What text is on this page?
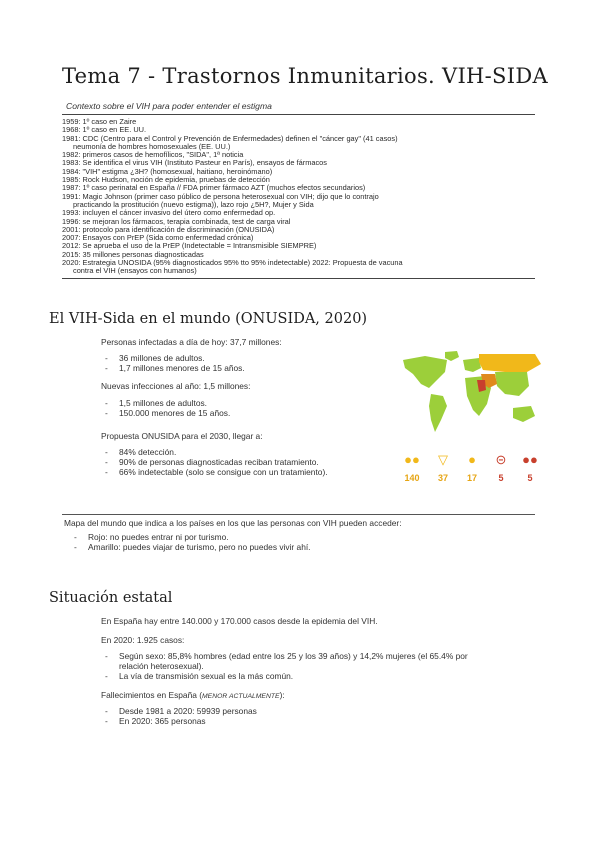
Tema 7 - Trastornos Inmunitarios. VIH-SIDA
Contexto sobre el VIH para poder entender el estigma
1959: 1º caso en Zaire
1968: 1º caso en EE. UU.
1981: CDC (Centro para el Control y Prevención de Enfermedades) definen el "cáncer gay" (41 casos)
neumonía de hombres homosexuales (EE. UU.)
1982: primeros casos de hemofílicos, "SIDA", 1ª noticia
1983: Se identifica el virus VIH (Instituto Pasteur en París), ensayos de fármacos
1984: "VIH" estigma ¿3H? (homosexual, haitiano, heroinómano)
1985: Rock Hudson, noción de epidemia, pruebas de detección
1987: 1º caso perinatal en España // FDA primer fármaco AZT (muchos efectos secundarios)
1991: Magic Johnson (primer caso público de persona heterosexual con VIH; dijo que lo contrajo
practicando la prostitución (nuevo estigma)), lazo rojo ¿5H?, Mujer y Sida
1993: incluyen el cáncer invasivo del útero como enfermedad op.
1996: se mejoran los fármacos, terapia combinada, test de carga viral
2001: protocolo para identificación de discriminación (ONUSIDA)
2007: Ensayos con PrEP (Sida como enfermedad crónica)
2012: Se aprueba el uso de la PrEP (Indetectable = Intransmisible SIEMPRE)
2015: 35 millones personas diagnosticadas
2020: Estrategia UNOSIDA (95% diagnosticados 95% tto 95% indetectable) 2022: Propuesta de vacuna
contra el VIH (ensayos con humanos)
El VIH-Sida en el mundo (ONUSIDA, 2020)
Personas infectadas a día de hoy: 37,7 millones:
- 36 millones de adultos.
- 1,7 millones menores de 15 años.
Nuevas infecciones al año: 1,5 millones:
- 1,5 millones de adultos.
- 150.000 menores de 15 años.
Propuesta ONUSIDA para el 2030, llegar a:
- 84% detección.
- 90% de personas diagnosticadas reciban tratamiento.
- 66% indetectable (solo se consigue con un tratamiento).
●●
140
▽
37
●
17
⊝
5
●●
5
Mapa del mundo que indica a los países en los que las personas con VIH pueden acceder:
- Rojo: no puedes entrar ni por turismo.
- Amarillo: puedes viajar de turismo, pero no puedes vivir ahí.
Situación estatal
En España hay entre 140.000 y 170.000 casos desde la epidemia del VIH.
En 2020: 1.925 casos:
- Según sexo: 85,8% hombres (edad entre los 25 y los 39 años) y 14,2% mujeres (el 65.4% por
relación heterosexual).
- La vía de transmisión sexual es la más común.
Fallecimientos en España (MENOR ACTUALMENTE):
- Desde 1981 a 2020: 59939 personas
- En 2020: 365 personas
